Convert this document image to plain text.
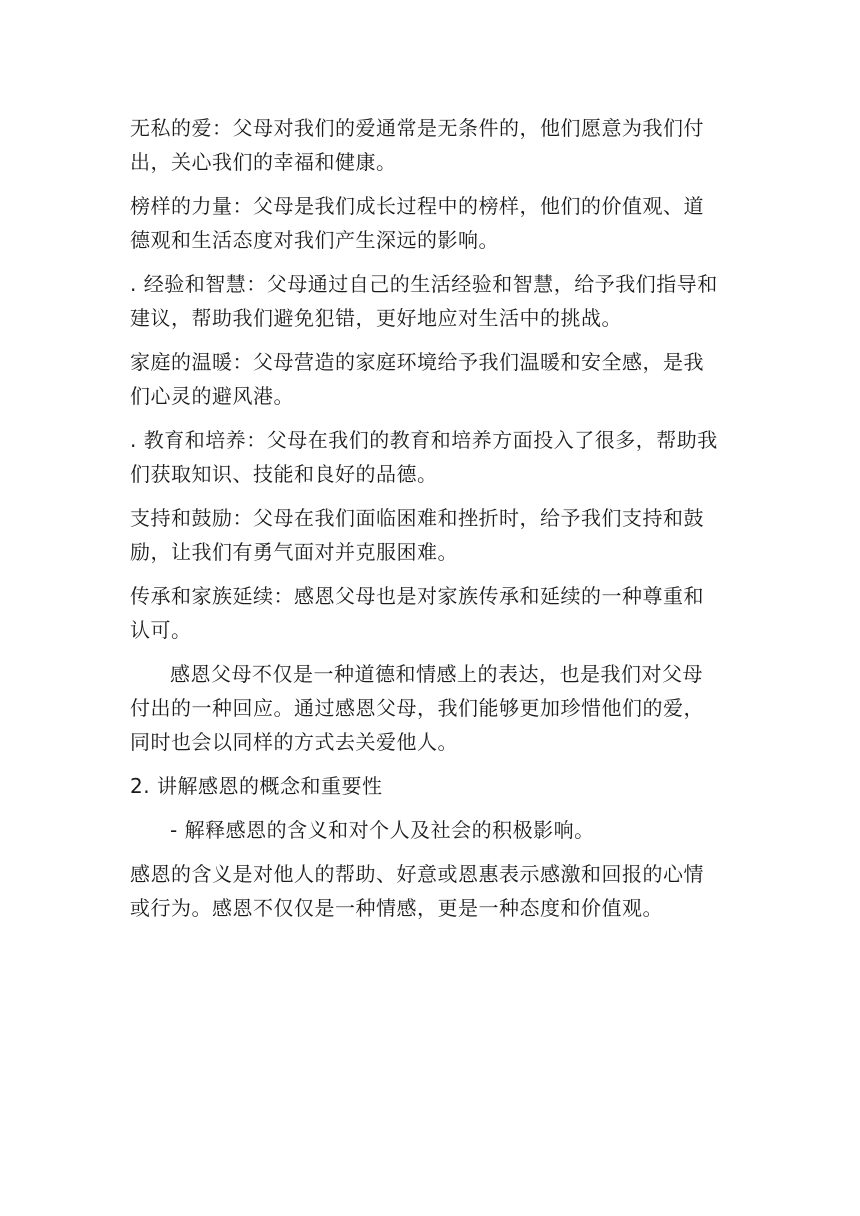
无私的爱：父母对我们的爱通常是无条件的，他们愿意为我们付出，关心我们的幸福和健康。

榜样的力量：父母是我们成长过程中的榜样，他们的价值观、道德观和生活态度对我们产生深远的影响。

. 经验和智慧：父母通过自己的生活经验和智慧，给予我们指导和建议，帮助我们避免犯错，更好地应对生活中的挑战。

家庭的温暖：父母营造的家庭环境给予我们温暖和安全感，是我们心灵的避风港。

. 教育和培养：父母在我们的教育和培养方面投入了很多，帮助我们获取知识、技能和良好的品德。

支持和鼓励：父母在我们面临困难和挫折时，给予我们支持和鼓励，让我们有勇气面对并克服困难。

传承和家族延续：感恩父母也是对家族传承和延续的一种尊重和认可。

感恩父母不仅是一种道德和情感上的表达，也是我们对父母付出的一种回应。通过感恩父母，我们能够更加珍惜他们的爱，同时也会以同样的方式去关爱他人。

2. 讲解感恩的概念和重要性

- 解释感恩的含义和对个人及社会的积极影响。

感恩的含义是对他人的帮助、好意或恩惠表示感激和回报的心情或行为。感恩不仅仅是一种情感，更是一种态度和价值观。
